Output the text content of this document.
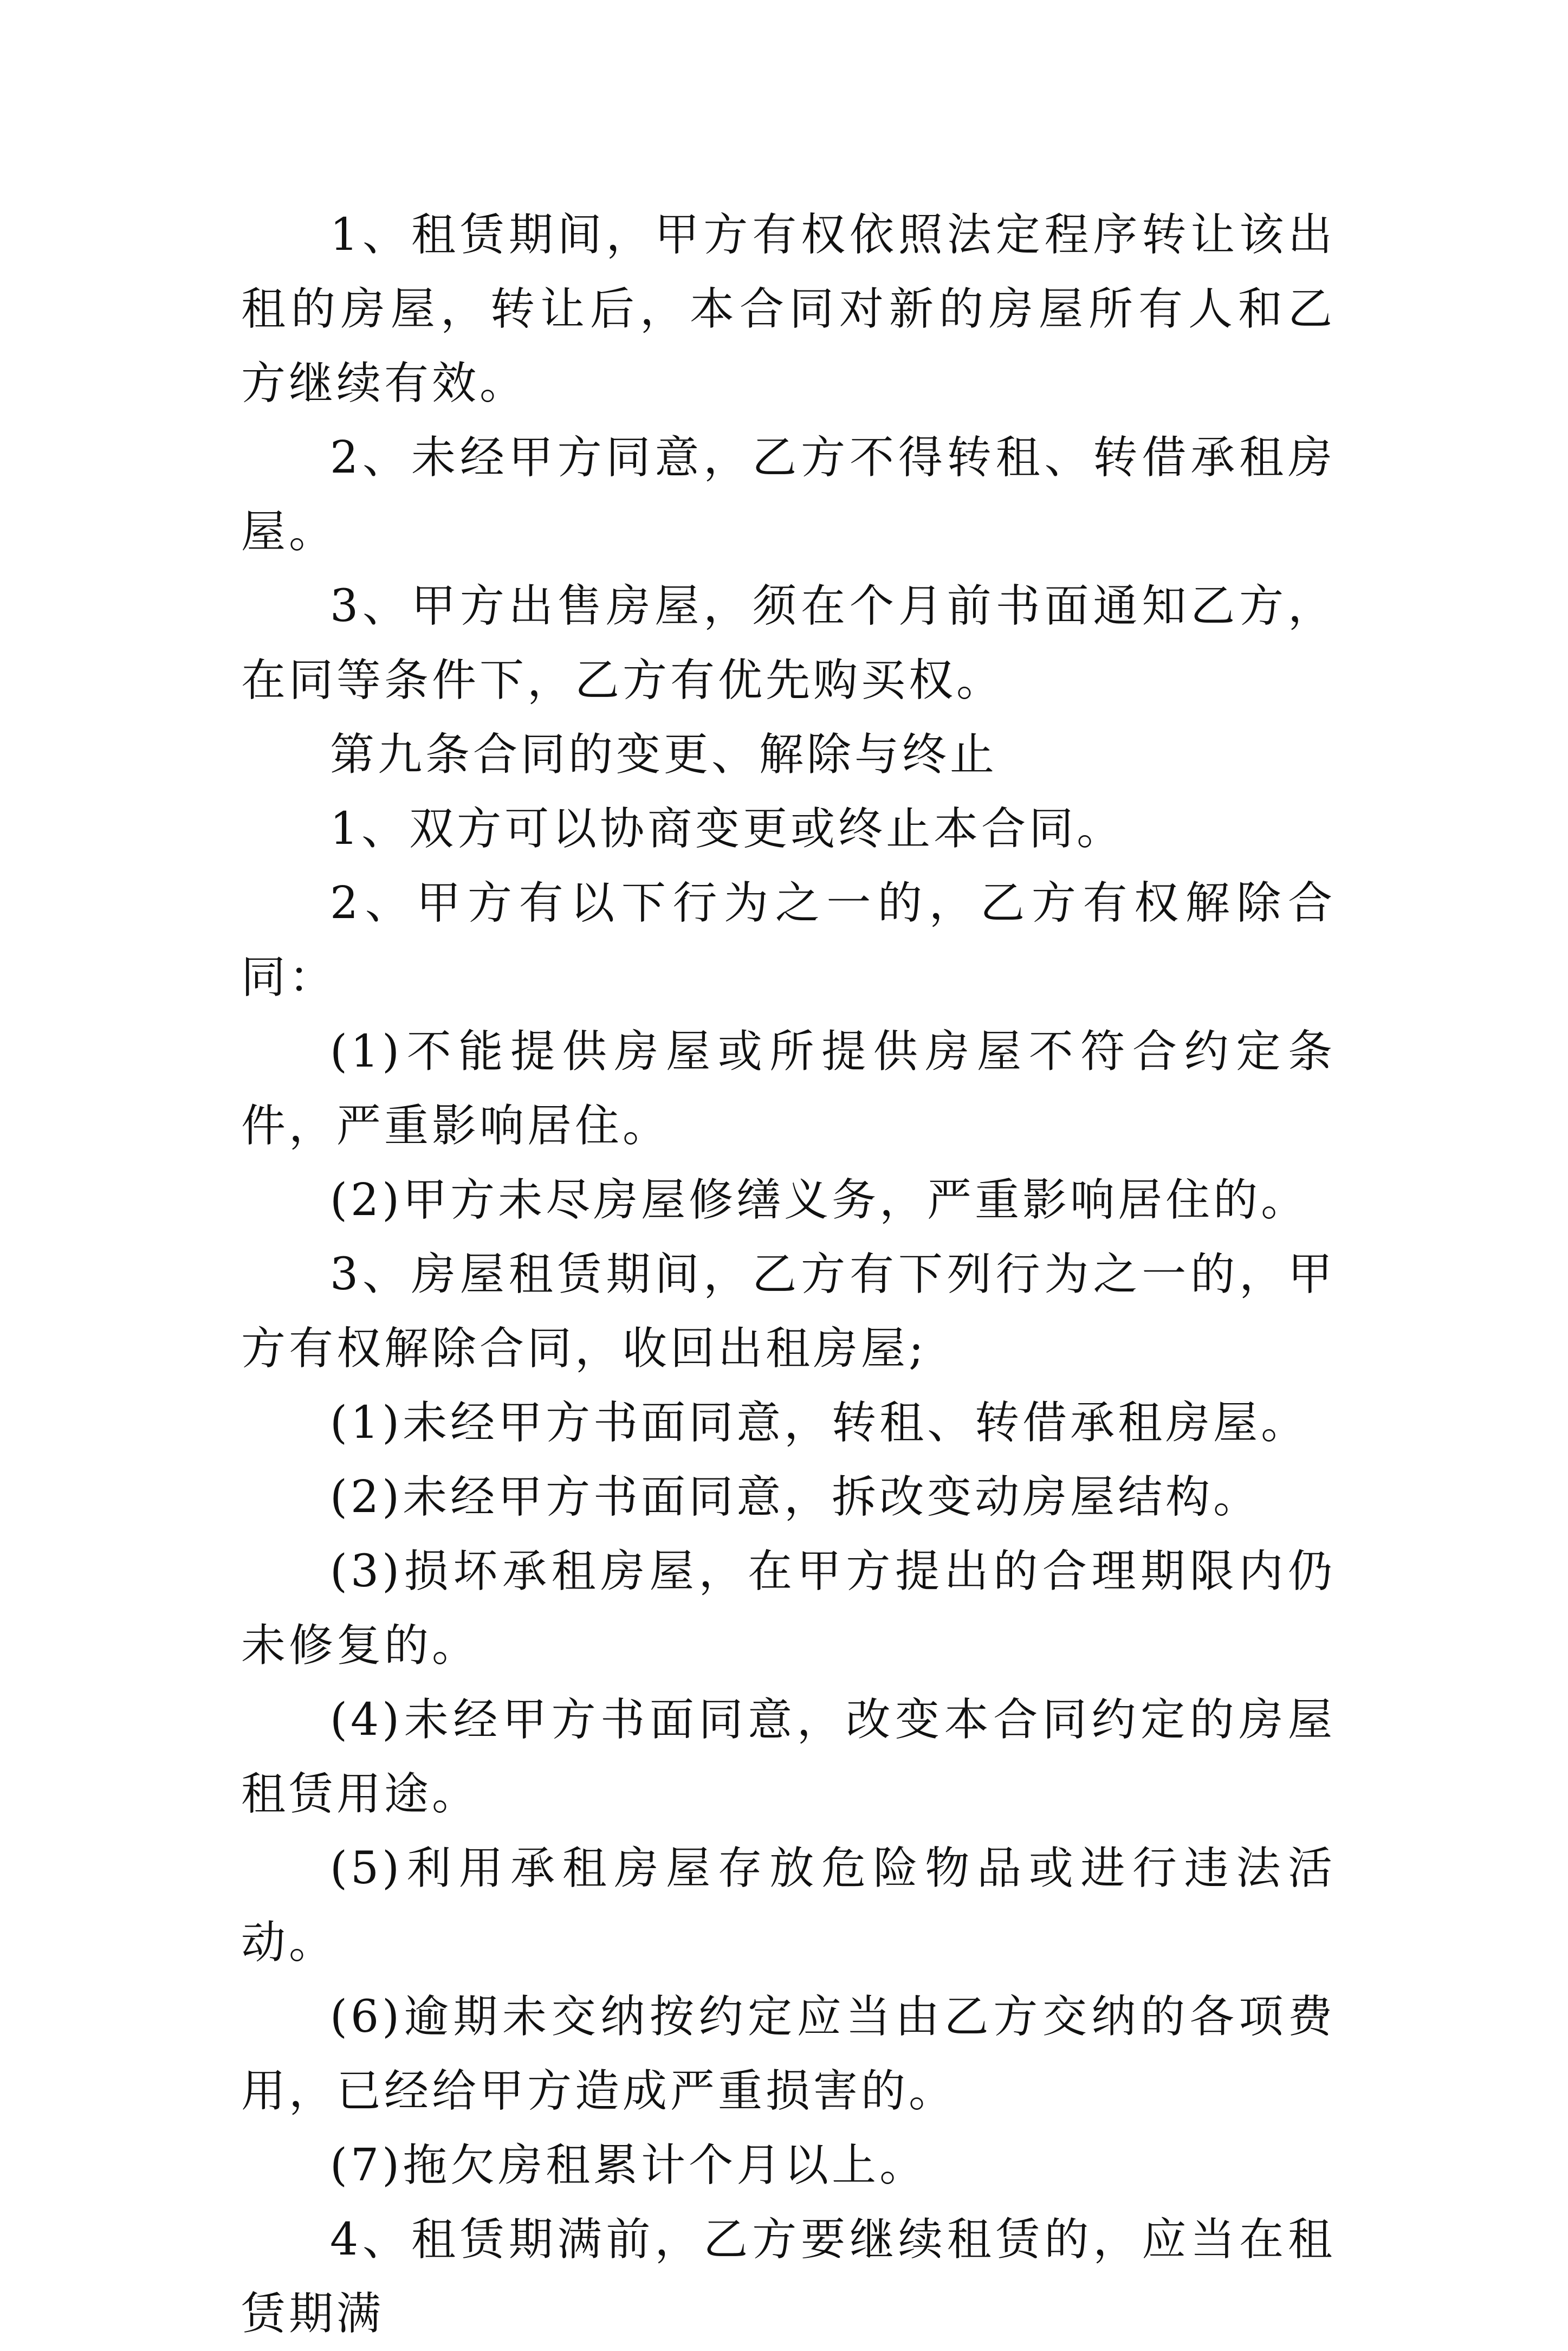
1、租赁期间，甲方有权依照法定程序转让该出租的房屋，转让后，本合同对新的房屋所有人和乙方继续有效。

2、未经甲方同意，乙方不得转租、转借承租房屋。

3、甲方出售房屋，须在个月前书面通知乙方，在同等条件下，乙方有优先购买权。

第九条合同的变更、解除与终止

1、双方可以协商变更或终止本合同。

2、甲方有以下行为之一的，乙方有权解除合同：

(1)不能提供房屋或所提供房屋不符合约定条件，严重影响居住。

(2)甲方未尽房屋修缮义务，严重影响居住的。

3、房屋租赁期间，乙方有下列行为之一的，甲方有权解除合同，收回出租房屋;

(1)未经甲方书面同意，转租、转借承租房屋。

(2)未经甲方书面同意，拆改变动房屋结构。

(3)损坏承租房屋，在甲方提出的合理期限内仍未修复的。

(4)未经甲方书面同意，改变本合同约定的房屋租赁用途。

(5)利用承租房屋存放危险物品或进行违法活动。

(6)逾期未交纳按约定应当由乙方交纳的各项费用，已经给甲方造成严重损害的。

(7)拖欠房租累计个月以上。

4、租赁期满前，乙方要继续租赁的，应当在租赁期满
